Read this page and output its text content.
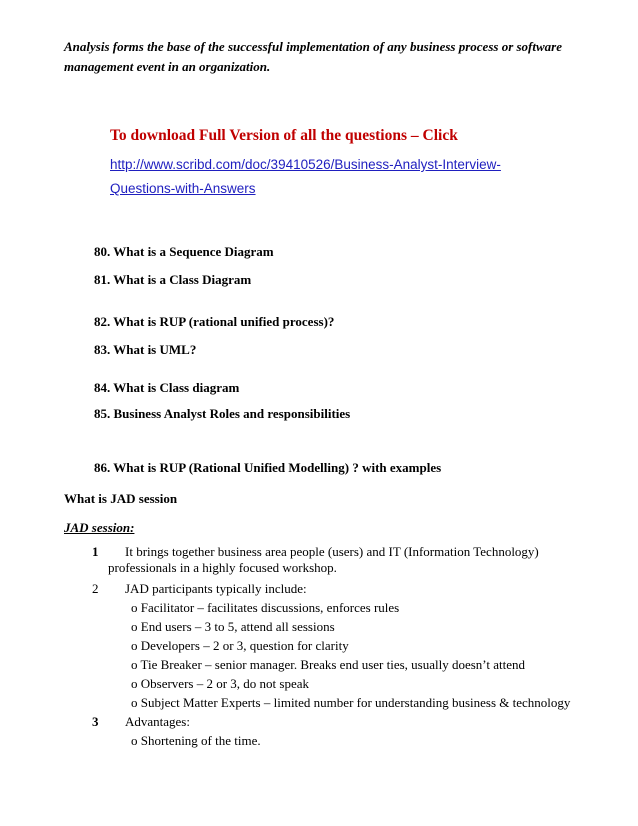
Analysis forms the base of the successful implementation of any business process or software
management event in an organization.
To download Full Version of all the questions – Click
http://www.scribd.com/doc/39410526/Business-Analyst-Interview-
Questions-with-Answers
80. What is a Sequence Diagram
81. What is a Class Diagram
82. What is RUP (rational unified process)?
83. What is UML?
84. What is Class diagram
85. Business Analyst Roles and responsibilities
86. What is RUP (Rational Unified Modelling) ? with examples
What is JAD session
JAD session:
1 It brings together business area people (users) and IT (Information Technology)
professionals in a highly focused workshop.
2 JAD participants typically include:
o Facilitator – facilitates discussions, enforces rules
o End users – 3 to 5, attend all sessions
o Developers – 2 or 3, question for clarity
o Tie Breaker – senior manager. Breaks end user ties, usually doesn’t attend
o Observers – 2 or 3, do not speak
o Subject Matter Experts – limited number for understanding business & technology
3 Advantages:
o Shortening of the time.
